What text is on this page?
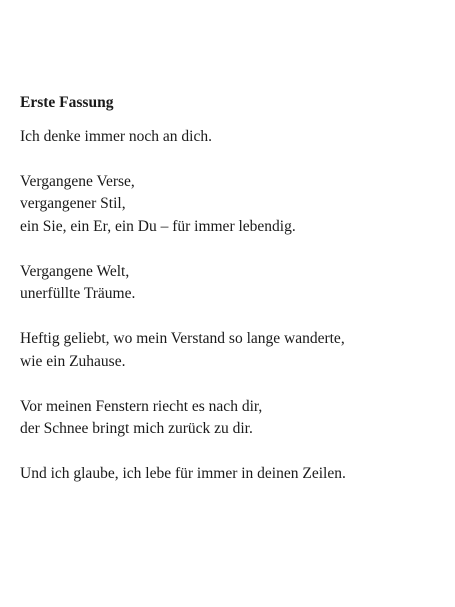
Erste Fassung
Ich denke immer noch an dich.
Vergangene Verse,
vergangener Stil,
ein Sie, ein Er, ein Du – für immer lebendig.
Vergangene Welt,
unerfüllte Träume.
Heftig geliebt, wo mein Verstand so lange wanderte,
wie ein Zuhause.
Vor meinen Fenstern riecht es nach dir,
der Schnee bringt mich zurück zu dir.
Und ich glaube, ich lebe für immer in deinen Zeilen.
